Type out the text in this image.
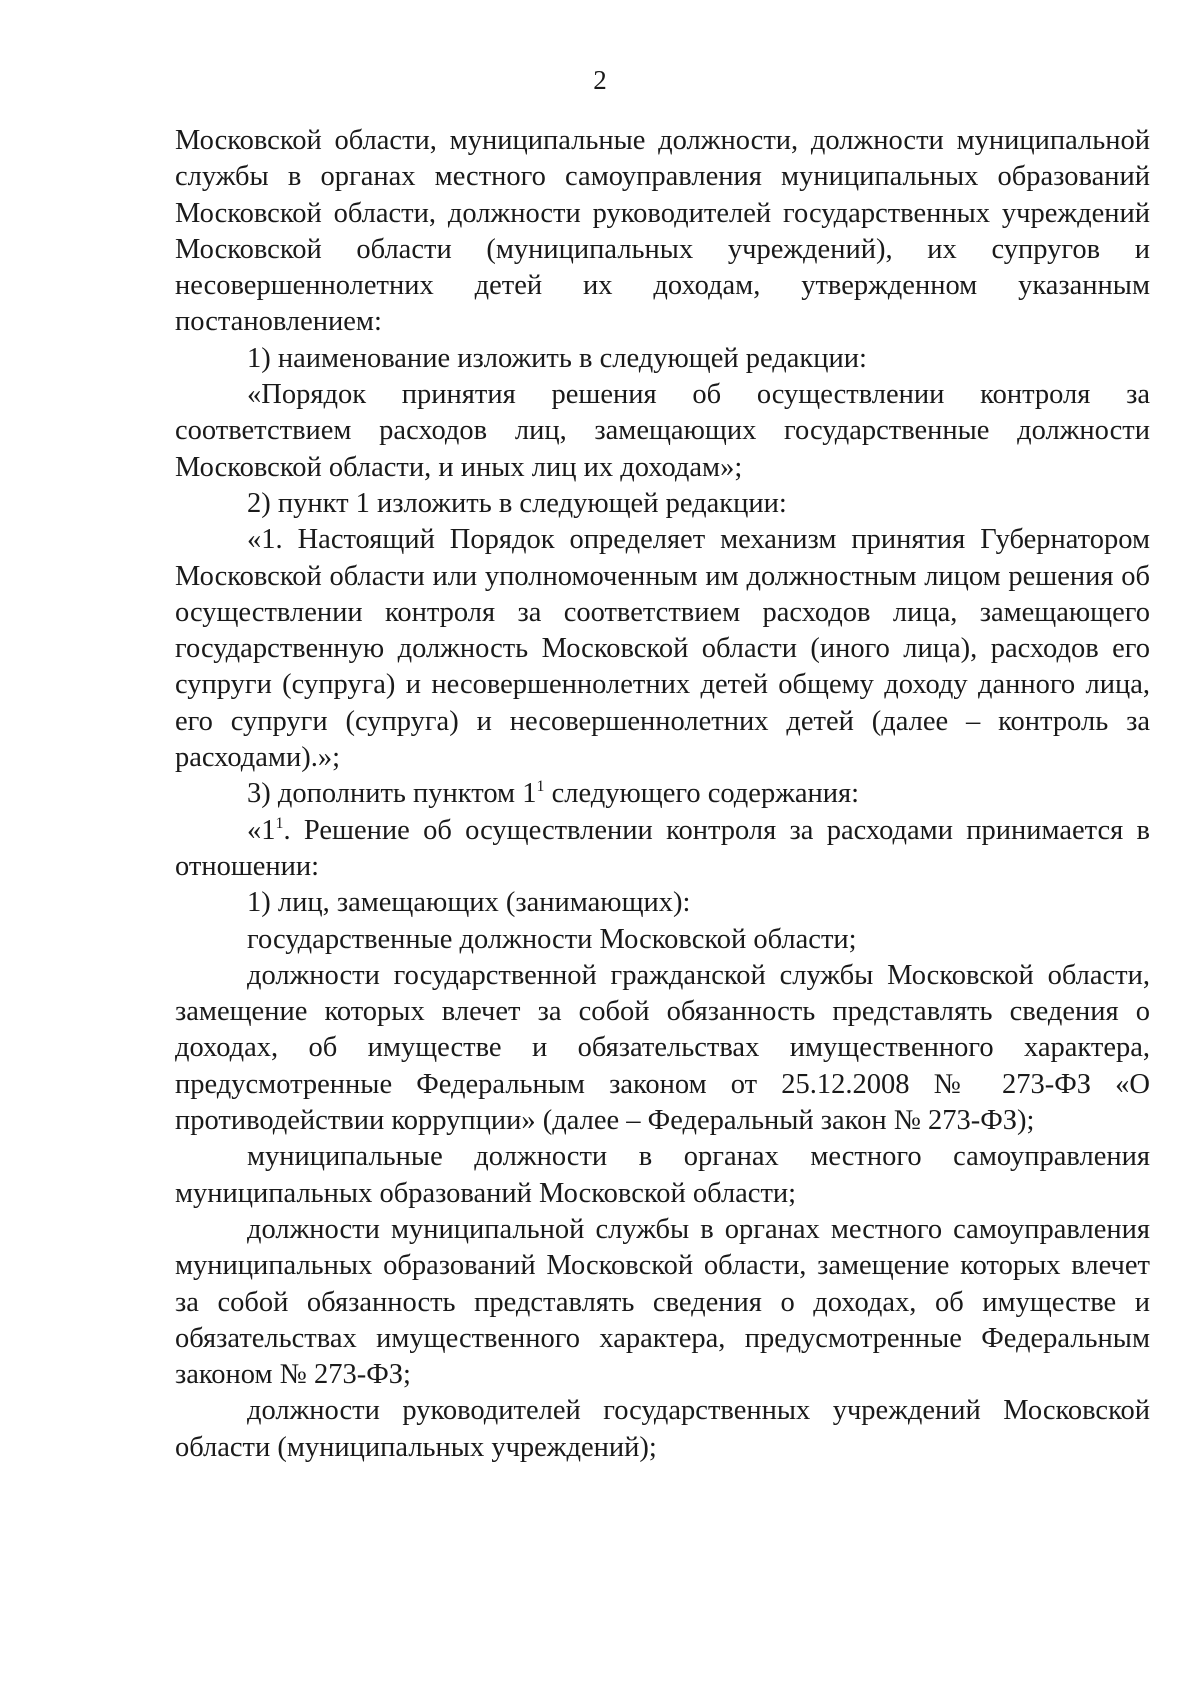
2

Московской области, муниципальные должности, должности муниципальной службы в органах местного самоуправления муниципальных образований Московской области, должности руководителей государственных учреждений Московской области (муниципальных учреждений), их супругов и несовершеннолетних детей их доходам, утвержденном указанным постановлением:

1) наименование изложить в следующей редакции:

«Порядок принятия решения об осуществлении контроля за соответствием расходов лиц, замещающих государственные должности Московской области, и иных лиц их доходам»;

2) пункт 1 изложить в следующей редакции:

«1. Настоящий Порядок определяет механизм принятия Губернатором Московской области или уполномоченным им должностным лицом решения об осуществлении контроля за соответствием расходов лица, замещающего государственную должность Московской области (иного лица), расходов его супруги (супруга) и несовершеннолетних детей общему доходу данного лица, его супруги (супруга) и несовершеннолетних детей (далее – контроль за расходами).»;

3) дополнить пунктом $1^1$ следующего содержания:

«$1^1$. Решение об осуществлении контроля за расходами принимается в отношении:

1) лиц, замещающих (занимающих):

государственные должности Московской области;

должности государственной гражданской службы Московской области, замещение которых влечет за собой обязанность представлять сведения о доходах, об имуществе и обязательствах имущественного характера, предусмотренные Федеральным законом от 25.12.2008 № 273-ФЗ «О противодействии коррупции» (далее – Федеральный закон № 273-ФЗ);

муниципальные должности в органах местного самоуправления муниципальных образований Московской области;

должности муниципальной службы в органах местного самоуправления муниципальных образований Московской области, замещение которых влечет за собой обязанность представлять сведения о доходах, об имуществе и обязательствах имущественного характера, предусмотренные Федеральным законом № 273-ФЗ;

должности руководителей государственных учреждений Московской области (муниципальных учреждений);
